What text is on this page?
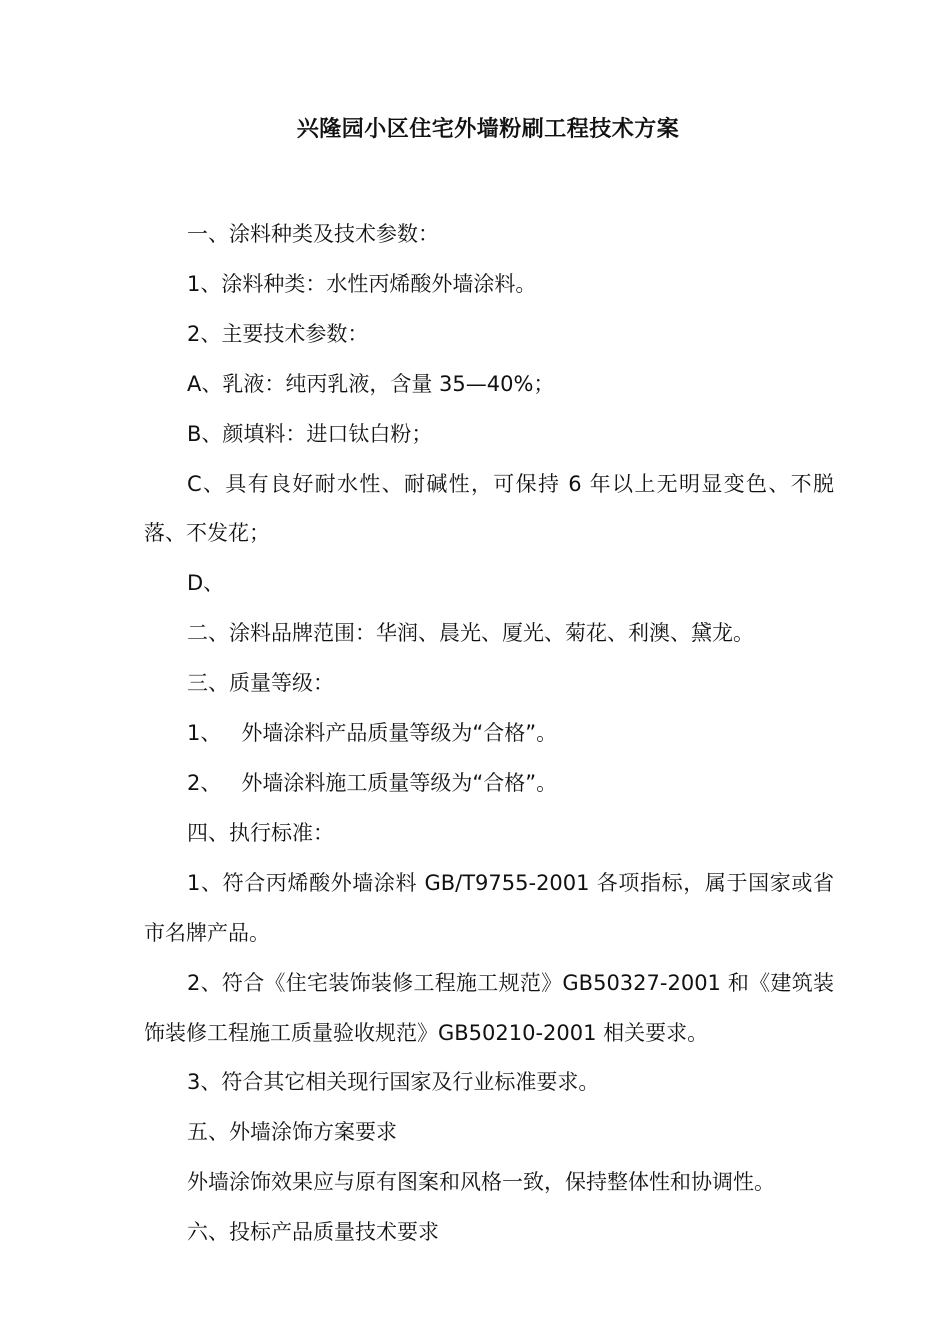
兴隆园小区住宅外墙粉刷工程技术方案

一、涂料种类及技术参数：

1、涂料种类：水性丙烯酸外墙涂料。

2、主要技术参数：

A、乳液：纯丙乳液，含量 35—40%；

B、颜填料：进口钛白粉；

C、具有良好耐水性、耐碱性，可保持 6 年以上无明显变色、不脱落、不发花；

D、

二、涂料品牌范围：华润、晨光、厦光、菊花、利澳、黛龙。

三、质量等级：

1、   外墙涂料产品质量等级为“合格”。

2、   外墙涂料施工质量等级为“合格”。

四、执行标准：

1、符合丙烯酸外墙涂料 GB/T9755-2001 各项指标，属于国家或省市名牌产品。

2、符合《住宅装饰装修工程施工规范》GB50327-2001 和《建筑装饰装修工程施工质量验收规范》GB50210-2001 相关要求。

3、符合其它相关现行国家及行业标准要求。

五、外墙涂饰方案要求

外墙涂饰效果应与原有图案和风格一致，保持整体性和协调性。

六、投标产品质量技术要求
